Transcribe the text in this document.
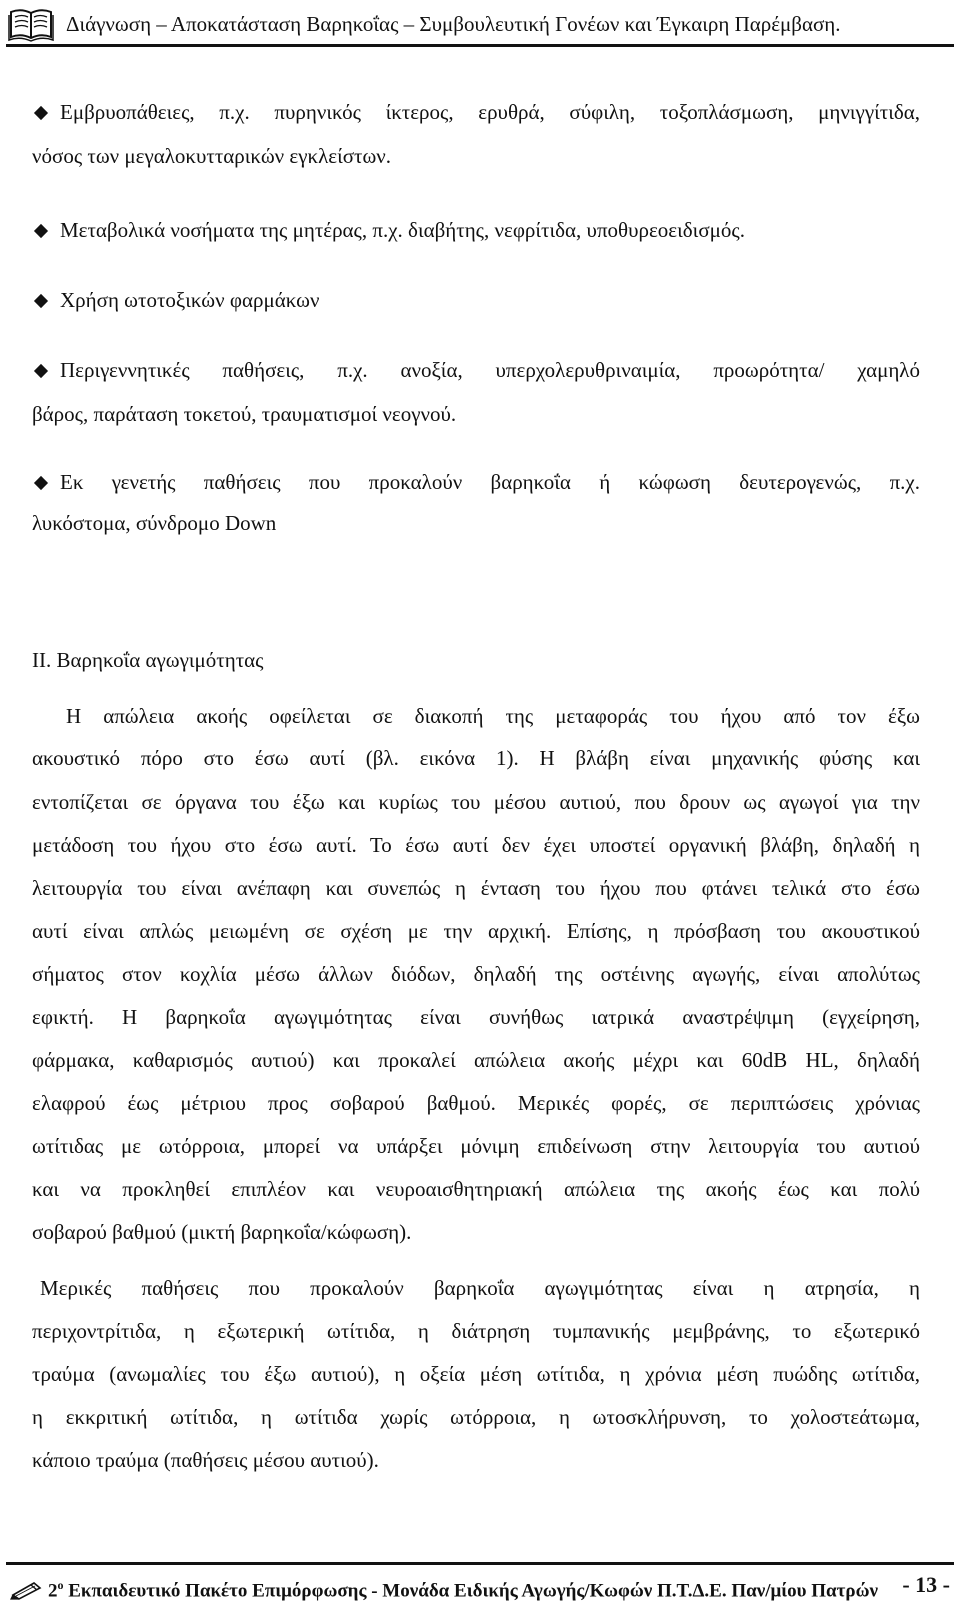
Διάγνωση – Αποκατάσταση Βαρηκοΐας – Συμβουλευτική Γονέων και Έγκαιρη Παρέμβαση.
Εμβρυοπάθειες, π.χ. πυρηνικός ίκτερος, ερυθρά, σύφιλη, τοξοπλάσμωση, μηνιγγίτιδα,
νόσος των μεγαλοκυτταρικών εγκλείστων.
Μεταβολικά νοσήματα της μητέρας, π.χ. διαβήτης, νεφρίτιδα, υποθυρεοειδισμός.
Χρήση ωτοτοξικών φαρμάκων
Περιγεννητικές παθήσεις, π.χ. ανοξία, υπερχολερυθριναιμία, προωρότητα/ χαμηλό
βάρος, παράταση τοκετού, τραυματισμοί νεογνού.
Εκ γενετής παθήσεις που προκαλούν βαρηκοΐα ή κώφωση δευτερογενώς, π.χ.
λυκόστομα, σύνδρομο Down
ΙΙ. Βαρηκοΐα αγωγιμότητας
Η απώλεια ακοής οφείλεται σε διακοπή της μεταφοράς του ήχου από τον έξω
ακουστικό πόρο στο έσω αυτί (βλ. εικόνα 1). Η βλάβη είναι μηχανικής φύσης και
εντοπίζεται σε όργανα του έξω και κυρίως του μέσου αυτιού, που δρουν ως αγωγοί για την
μετάδοση του ήχου στο έσω αυτί. Το έσω αυτί δεν έχει υποστεί οργανική βλάβη, δηλαδή η
λειτουργία του είναι ανέπαφη και συνεπώς η ένταση του ήχου που φτάνει τελικά στο έσω
αυτί είναι απλώς μειωμένη σε σχέση με την αρχική. Επίσης, η πρόσβαση του ακουστικού
σήματος στον κοχλία μέσω άλλων διόδων, δηλαδή της οστέινης αγωγής, είναι απολύτως
εφικτή. Η βαρηκοΐα αγωγιμότητας είναι συνήθως ιατρικά αναστρέψιμη (εγχείρηση,
φάρμακα, καθαρισμός αυτιού) και προκαλεί απώλεια ακοής μέχρι και 60dB HL, δηλαδή
ελαφρού έως μέτριου προς σοβαρού βαθμού. Μερικές φορές, σε περιπτώσεις χρόνιας
ωτίτιδας με ωτόρροια, μπορεί να υπάρξει μόνιμη επιδείνωση στην λειτουργία του αυτιού
και να προκληθεί επιπλέον και νευροαισθητηριακή απώλεια της ακοής έως και πολύ
σοβαρού βαθμού (μικτή βαρηκοΐα/κώφωση).
Μερικές παθήσεις που προκαλούν βαρηκοΐα αγωγιμότητας είναι η ατρησία, η
περιχοντρίτιδα, η εξωτερική ωτίτιδα, η διάτρηση τυμπανικής μεμβράνης, το εξωτερικό
τραύμα (ανωμαλίες του έξω αυτιού), η οξεία μέση ωτίτιδα, η χρόνια μέση πυώδης ωτίτιδα,
η εκκριτική ωτίτιδα, η ωτίτιδα χωρίς ωτόρροια, η ωτοσκλήρυνση, το χολοστεάτωμα,
κάποιο τραύμα (παθήσεις μέσου αυτιού).
$2^o$ Εκπαιδευτικό Πακέτο Επιμόρφωσης - Μονάδα Ειδικής Αγωγής/Κωφών Π.Τ.Δ.Ε. Παν/μίου Πατρών - 13 -
